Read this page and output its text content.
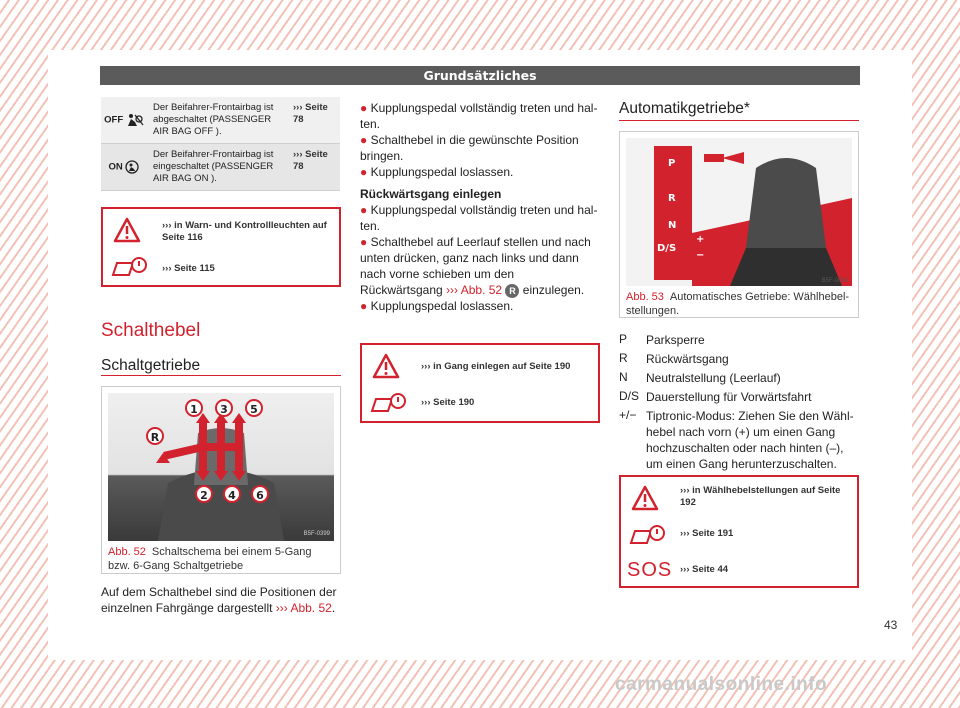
Grundsätzliches
OFF	Der Beifahrer-Frontairbag ist abgeschaltet (PASSENGER AIR BAG OFF ).	››› Seite 78
ON	Der Beifahrer-Frontairbag ist eingeschaltet (PASSENGER AIR BAG ON ).	››› Seite 78
››› in Warn- und Kontrollleuchten auf Seite 116
››› Seite 115
Schalthebel
Schaltgetriebe
1	3	5
R
2	4	6
B5F-0399
Abb. 52 Schaltschema bei einem 5-Gang bzw. 6-Gang Schaltgetriebe
Auf dem Schalthebel sind die Positionen der einzelnen Fahrgänge dargestellt ››› Abb. 52.
● Kupplungspedal vollständig treten und halten.
● Schalthebel in die gewünschte Position bringen.
● Kupplungspedal loslassen.
Rückwärtsgang einlegen
● Kupplungspedal vollständig treten und halten.
● Schalthebel auf Leerlauf stellen und nach unten drücken, ganz nach links und dann nach vorne schieben um den Rückwärtsgang ››› Abb. 52 R einzulegen.
● Kupplungspedal loslassen.
››› in Gang einlegen auf Seite 190
››› Seite 190
Automatikgetriebe*
P
R
N
D/S
+
−
B5F-0010
Abb. 53 Automatisches Getriebe: Wählhebelstellungen.
P	Parksperre
R	Rückwärtsgang
N	Neutralstellung (Leerlauf)
D/S Dauerstellung für Vorwärtsfahrt
+/− Tiptronic-Modus: Ziehen Sie den Wählhebel nach vorn (+) um einen Gang hochzuschalten oder nach hinten (–), um einen Gang herunterzuschalten.
SOS
››› in Wählhebelstellungen auf Seite 192
››› Seite 191
››› Seite 44
43
carmanualsonline.info
